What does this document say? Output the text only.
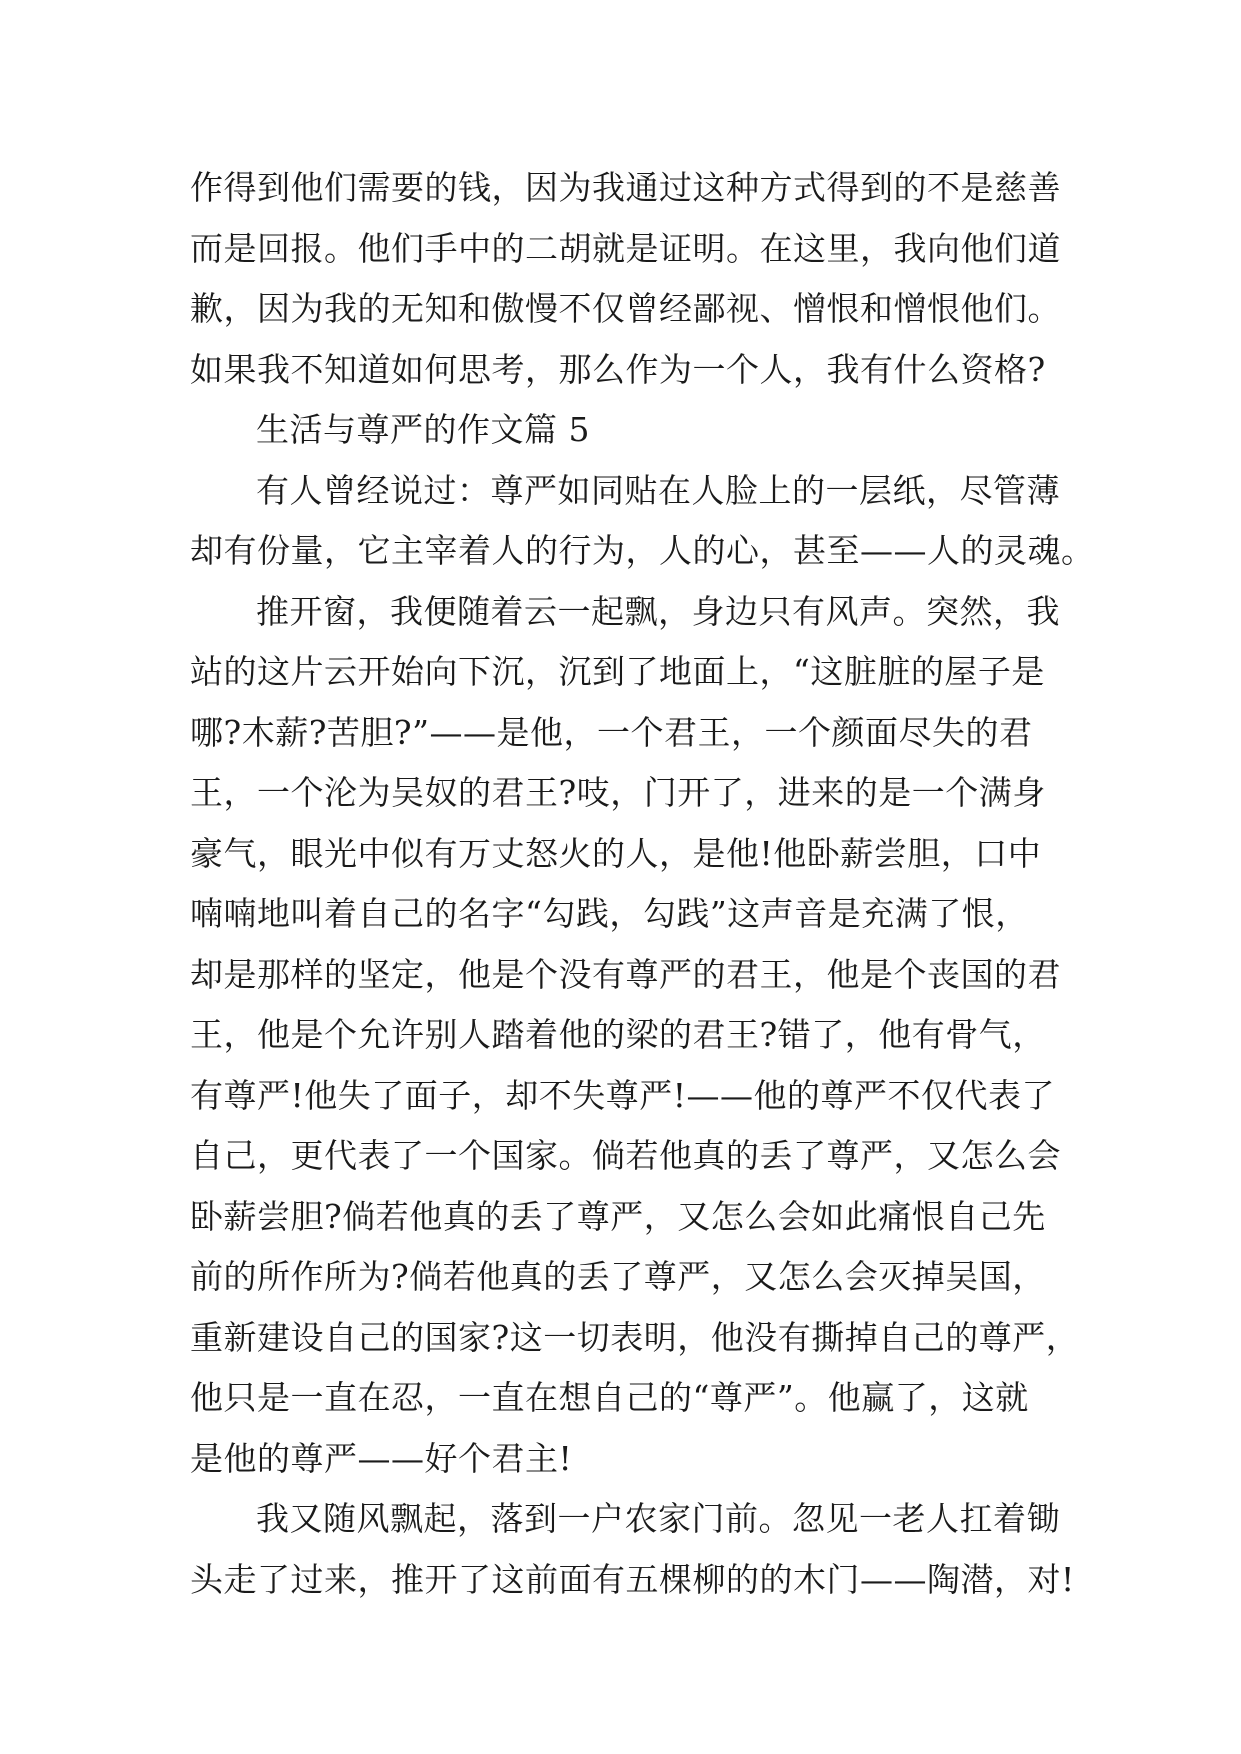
作得到他们需要的钱，因为我通过这种方式得到的不是慈善
而是回报。他们手中的二胡就是证明。在这里，我向他们道
歉，因为我的无知和傲慢不仅曾经鄙视、憎恨和憎恨他们。
如果我不知道如何思考，那么作为一个人，我有什么资格?
生活与尊严的作文篇 5
有人曾经说过：尊严如同贴在人脸上的一层纸，尽管薄
却有份量，它主宰着人的行为，人的心，甚至——人的灵魂。
推开窗，我便随着云一起飘，身边只有风声。突然，我
站的这片云开始向下沉，沉到了地面上，“这脏脏的屋子是
哪?木薪?苦胆?”——是他，一个君王，一个颜面尽失的君
王，一个沦为吴奴的君王?吱，门开了，进来的是一个满身
豪气，眼光中似有万丈怒火的人，是他!他卧薪尝胆，口中
喃喃地叫着自己的名字“勾践，勾践”这声音是充满了恨，
却是那样的坚定，他是个没有尊严的君王，他是个丧国的君
王，他是个允许别人踏着他的梁的君王?错了，他有骨气，
有尊严!他失了面子，却不失尊严!——他的尊严不仅代表了
自己，更代表了一个国家。倘若他真的丢了尊严，又怎么会
卧薪尝胆?倘若他真的丢了尊严，又怎么会如此痛恨自己先
前的所作所为?倘若他真的丢了尊严，又怎么会灭掉吴国，
重新建设自己的国家?这一切表明，他没有撕掉自己的尊严，
他只是一直在忍，一直在想自己的“尊严”。他赢了，这就
是他的尊严——好个君主!
我又随风飘起，落到一户农家门前。忽见一老人扛着锄
头走了过来，推开了这前面有五棵柳的的木门——陶潜，对!
